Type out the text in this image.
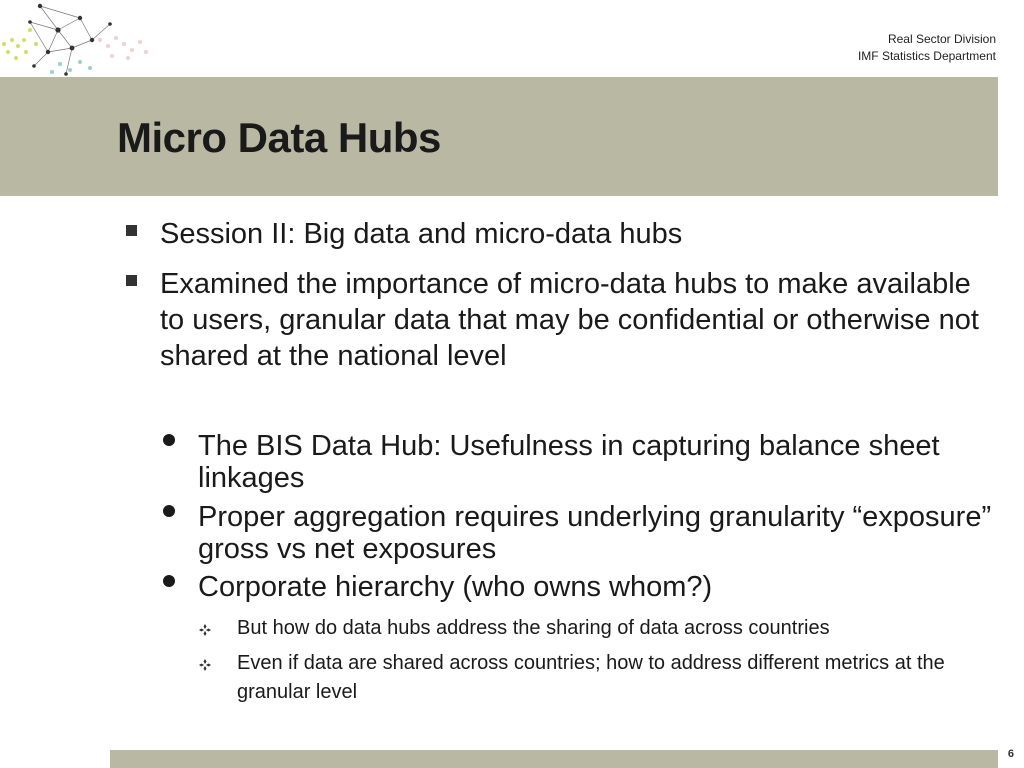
Real Sector Division
IMF Statistics Department
Micro Data Hubs
Session II: Big data and micro-data hubs
Examined the importance of micro-data hubs to make available to users, granular data that may be confidential or otherwise not shared at the national level
The BIS Data Hub: Usefulness in capturing balance sheet linkages
Proper aggregation requires underlying granularity “exposure” gross vs net exposures
Corporate hierarchy (who owns whom?)
But how do data hubs address the sharing of data across countries
Even if data are shared across countries; how to address different metrics at the granular level
6
